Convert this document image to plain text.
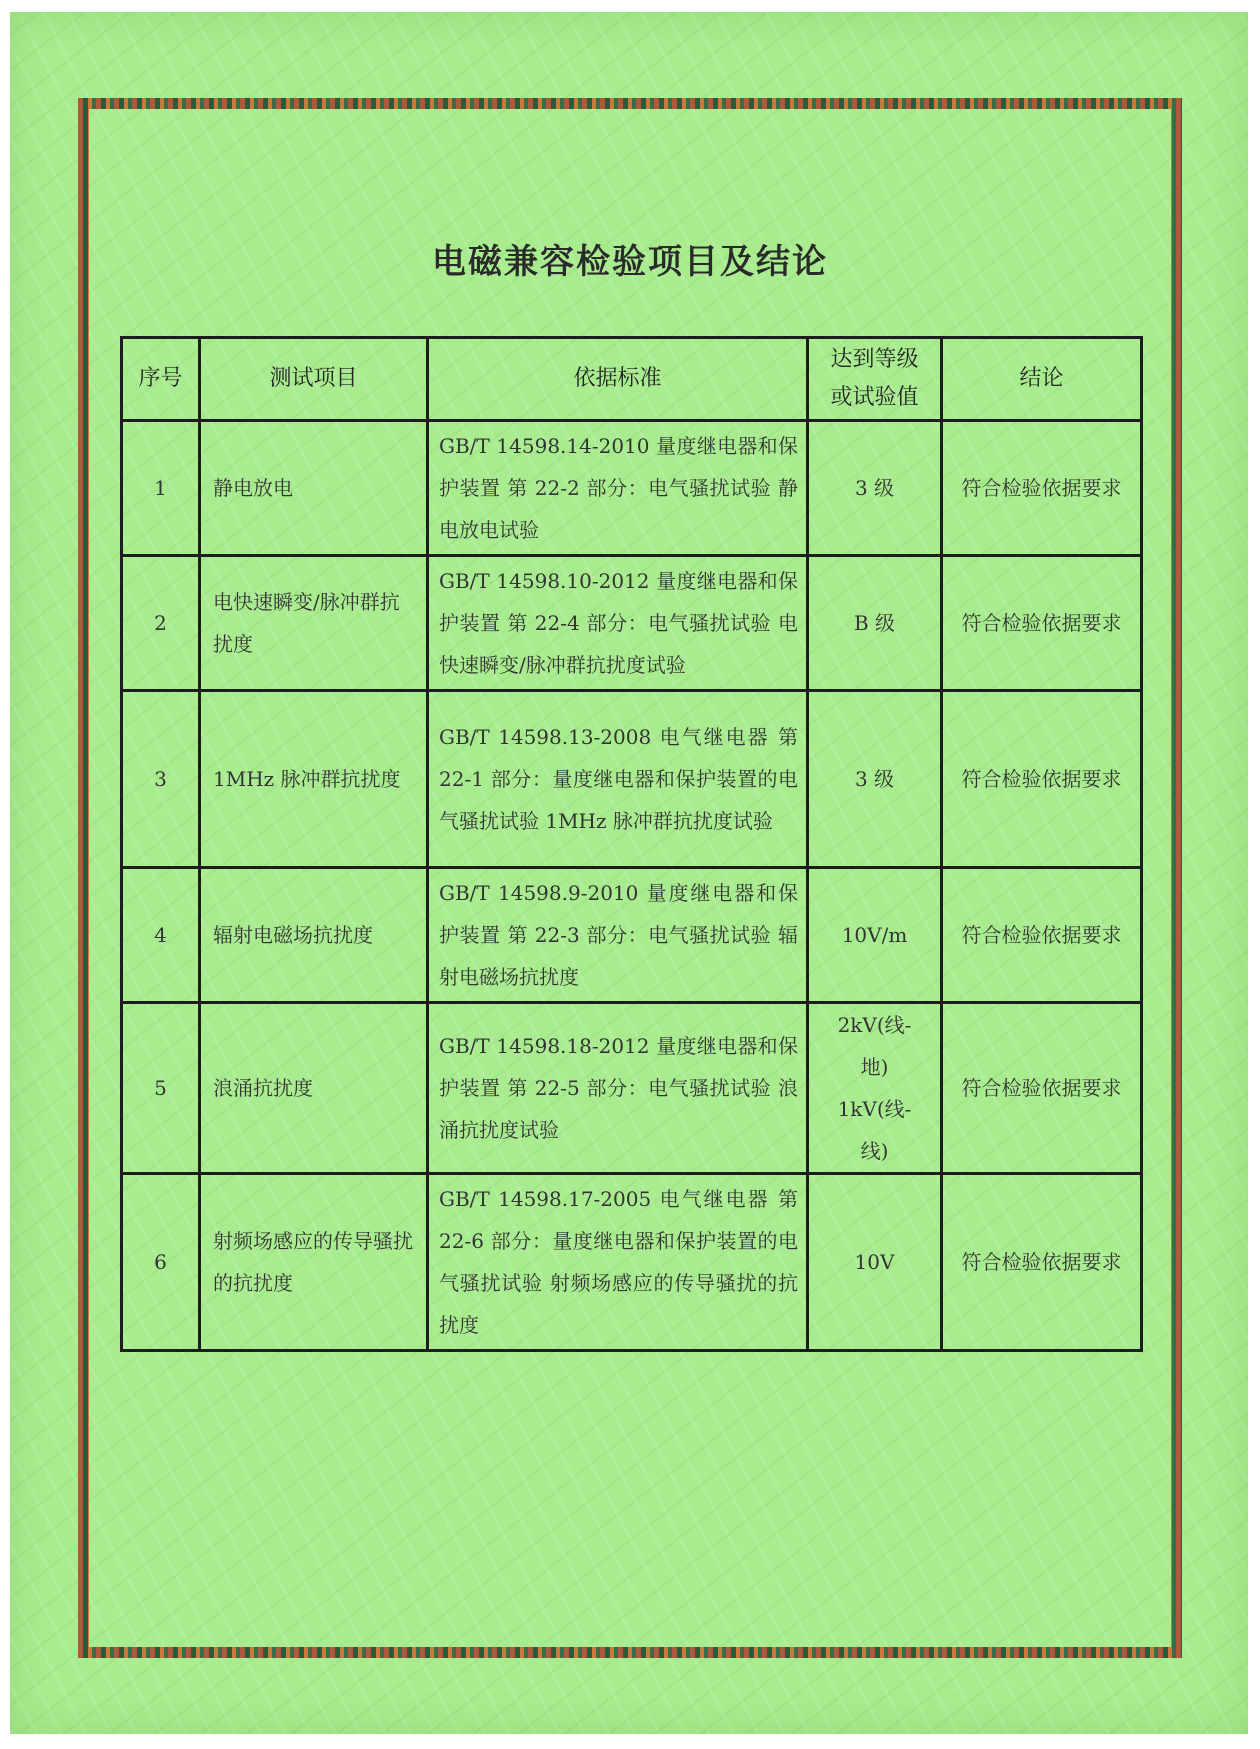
电磁兼容检验项目及结论
序号	测试项目	依据标准	达到等级或试验值	结论
1	静电放电	GB/T 14598.14-2010 量度继电器和保护装置 第 22-2 部分：电气骚扰试验 静电放电试验	3 级	符合检验依据要求
2	电快速瞬变/脉冲群抗扰度	GB/T 14598.10-2012 量度继电器和保护装置 第 22-4 部分：电气骚扰试验 电快速瞬变/脉冲群抗扰度试验	B 级	符合检验依据要求
3	1MHz 脉冲群抗扰度	GB/T 14598.13-2008 电气继电器 第 22-1 部分：量度继电器和保护装置的电气骚扰试验 1MHz 脉冲群抗扰度试验	3 级	符合检验依据要求
4	辐射电磁场抗扰度	GB/T 14598.9-2010 量度继电器和保护装置 第 22-3 部分：电气骚扰试验 辐射电磁场抗扰度	10V/m	符合检验依据要求
5	浪涌抗扰度	GB/T 14598.18-2012 量度继电器和保护装置 第 22-5 部分：电气骚扰试验 浪涌抗扰度试验	2kV(线-地) 1kV(线-线)	符合检验依据要求
6	射频场感应的传导骚扰的抗扰度	GB/T 14598.17-2005 电气继电器 第 22-6 部分：量度继电器和保护装置的电气骚扰试验 射频场感应的传导骚扰的抗扰度	10V	符合检验依据要求
